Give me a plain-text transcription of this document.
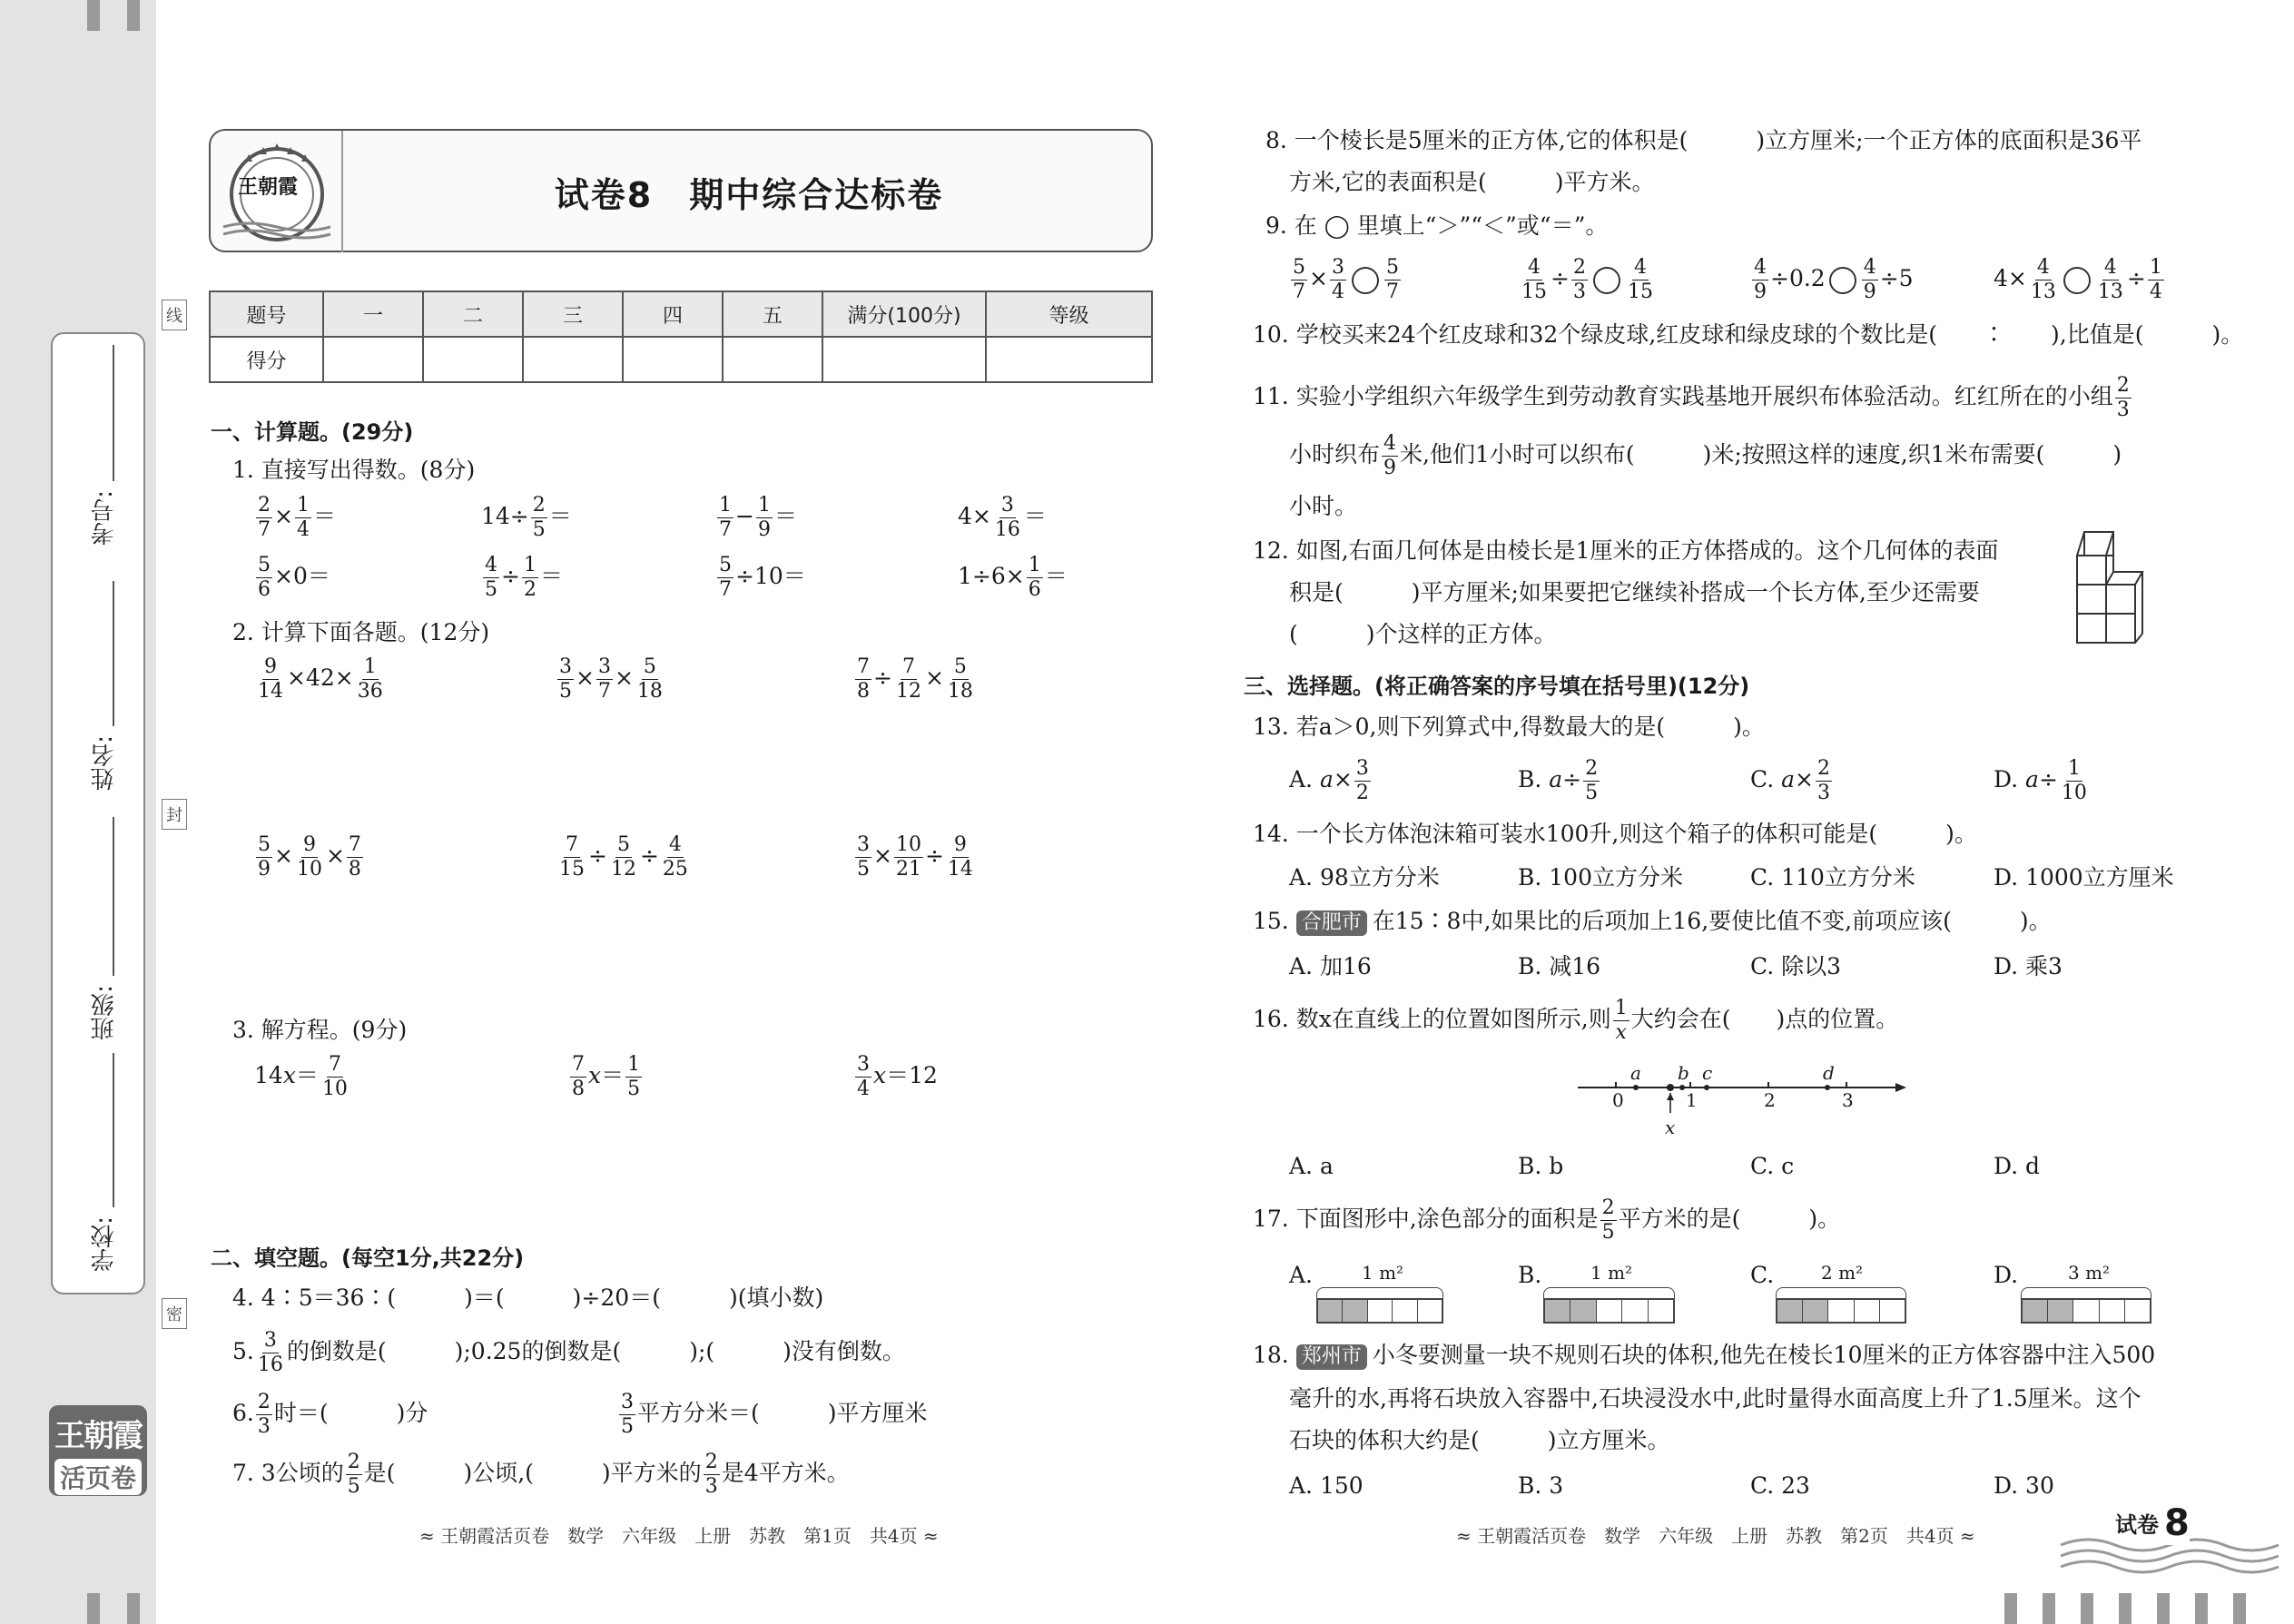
考号:
姓名:
班级:
学校:
线
封
密
王朝霞
活页卷
王朝霞	试卷8　期中综合达标卷
题号	一	二	三	四	五	满分(100分)	等级
得分							
一、计算题。(29分)
1. 直接写出得数。(8分)
$\frac{2}{7} \times \frac{1}{4}$ ＝	$14\div \frac{2}{5}$ ＝	$\frac{1}{7} - \frac{1}{9}$ ＝	$4\times \frac{3}{16}$ ＝
$\frac{5}{6} \times 0=$	$\frac{4}{5} \div \frac{1}{2}$ ＝	$\frac{5}{7} \div 10=$	$1\div 6\times \frac{1}{6}$ ＝
2. 计算下面各题。(12分)
$\frac{9}{14} \times 42\times \frac{1}{36}$	$\frac{3}{5} \times \frac{3}{7} \times \frac{5}{18}$	$\frac{7}{8} \div \frac{7}{12} \times \frac{5}{18}$
$\frac{5}{9} \times \frac{9}{10} \times \frac{7}{8}$	$\frac{7}{15} \div \frac{5}{12} \div \frac{4}{25}$	$\frac{3}{5} \times \frac{10}{21} \div \frac{9}{14}$
3. 解方程。(9分)
$14x= \frac{7}{10}$	$\frac{7}{8} x= \frac{1}{5}$	$\frac{3}{4} x=12$
二、填空题。(每空1分,共22分)
4. 4∶5＝36∶(　　　)＝(　　　)÷20＝(　　　)(填小数)
5. $\frac{3}{16}$ 的倒数是(　　　);0.25的倒数是(　　　);(　　　)没有倒数。
6. $\frac{2}{3}$ 时＝(　　　)分	$\frac{3}{5}$ 平方分米＝(　　　)平方厘米
7. 3公顷的 $\frac{2}{5}$ 是(　　　)公顷,(　　　)平方米的 $\frac{2}{3}$ 是4平方米。
≈ 王朝霞活页卷　数学　六年级　上册　苏教　第1页　共4页 ≈
8. 一个棱长是5厘米的正方体,它的体积是(　　　)立方厘米;一个正方体的底面积是36平
方米,它的表面积是(　　　)平方米。
9. 在 ◯ 里填上“＞”“＜”或“＝”。
$\frac{5}{7} \times \frac{3}{4} \frac{5}{7}$	$\frac{4}{15} \div \frac{2}{3} \frac{4}{15}$	$\frac{4}{9} \div 0.2 \frac{4}{9} \div 5$	$4\times \frac{4}{13} \frac{4}{13} \div \frac{1}{4}$
10. 学校买来24个红皮球和32个绿皮球,红皮球和绿皮球的个数比是(　　∶　　),比值是(　　　)。
11. 实验小学组织六年级学生到劳动教育实践基地开展织布体验活动。红红所在的小组 $\frac{2}{3}$
小时织布 $\frac{4}{9}$ 米,他们1小时可以织布(　　　)米;按照这样的速度,织1米布需要(　　　)
小时。
12. 如图,右面几何体是由棱长是1厘米的正方体搭成的。这个几何体的表面
积是(　　　)平方厘米;如果要把它继续补搭成一个长方体,至少还需要
(　　　)个这样的正方体。
三、选择题。(将正确答案的序号填在括号里)(12分)
13. 若a＞0,则下列算式中,得数最大的是(　　　)。
A. $a\times \frac{3}{2}$	B. $a\div \frac{2}{5}$	C. $a\times \frac{2}{3}$	D. $a\div \frac{1}{10}$
14. 一个长方体泡沫箱可装水100升,则这个箱子的体积可能是(　　　)。
A. 98立方分米	B. 100立方分米	C. 110立方分米	D. 1000立方厘米
15. 合肥市 在15∶8中,如果比的后项加上16,要使比值不变,前项应该(　　　)。
A. 加16	B. 减16	C. 除以3	D. 乘3
16. 数x在直线上的位置如图所示,则 $\frac{1}{x}$ 大约会在(　　)点的位置。
0	1	2	3
a b c	d
x
A. a	B. b	C. c	D. d
17. 下面图形中,涂色部分的面积是 $\frac{2}{5}$ 平方米的是(　　　)。
A.	1 m²	B.	1 m²	C.	2 m²	D.	3 m²
18. 郑州市 小冬要测量一块不规则石块的体积,他先在棱长10厘米的正方体容器中注入500
毫升的水,再将石块放入容器中,石块浸没水中,此时量得水面高度上升了1.5厘米。这个
石块的体积大约是(　　　)立方厘米。
A. 150	B. 3	C. 23	D. 30
≈ 王朝霞活页卷　数学　六年级　上册　苏教　第2页　共4页 ≈	试卷 8
